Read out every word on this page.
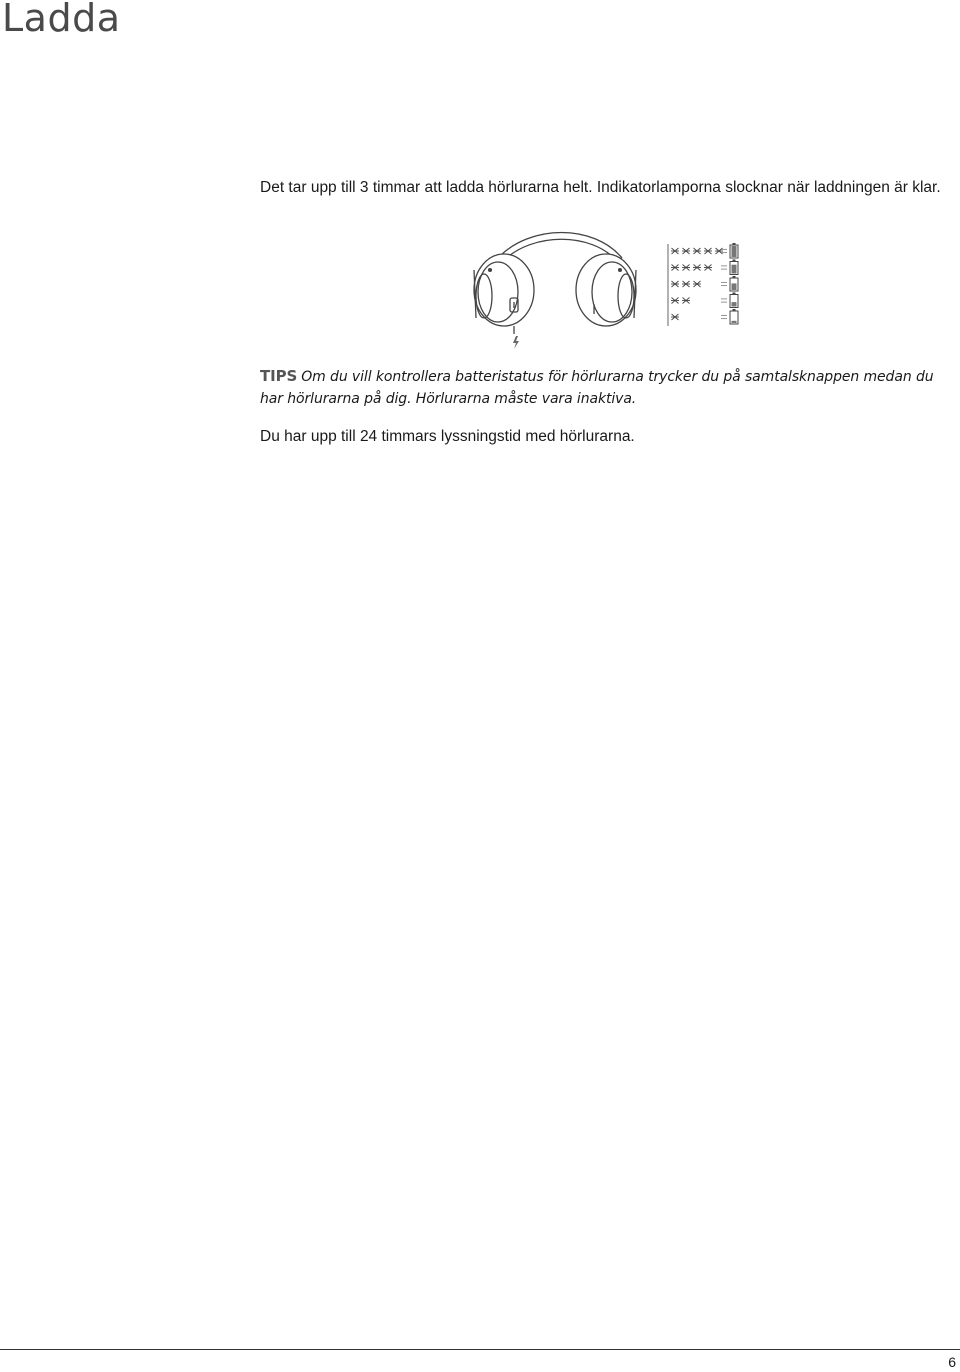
Ladda

Det tar upp till 3 timmar att ladda hörlurarna helt. Indikatorlamporna slocknar när laddningen är klar.

TIPS Om du vill kontrollera batteristatus för hörlurarna trycker du på samtalsknappen medan du har hörlurarna på dig. Hörlurarna måste vara inaktiva.

Du har upp till 24 timmars lyssningstid med hörlurarna.

6
